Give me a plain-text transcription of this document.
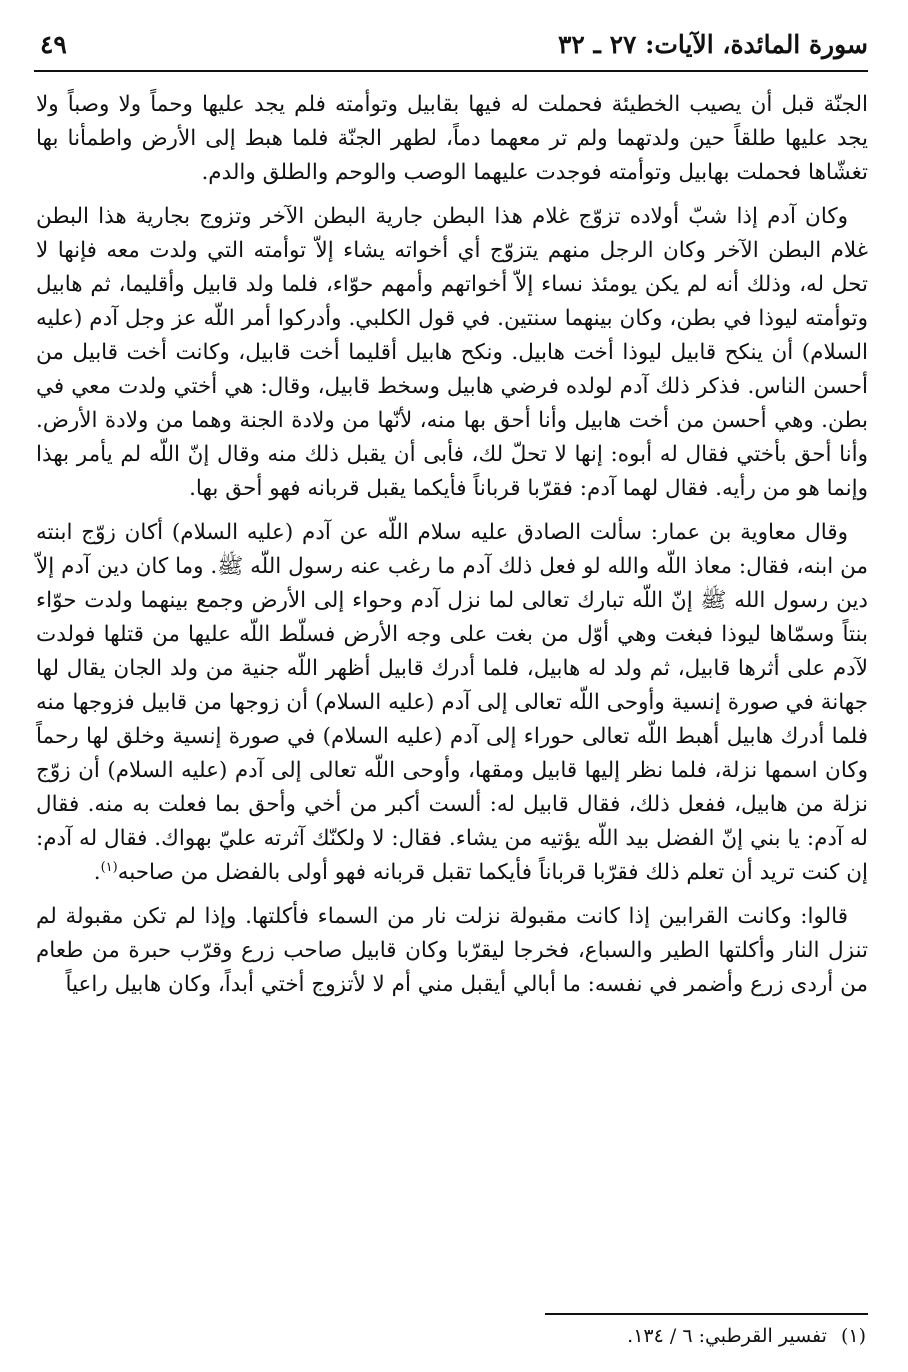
سورة المائدة، الآيات: ٢٧ ـ ٣٢
٤٩

الجنّة قبل أن يصيب الخطيئة فحملت له فيها بقابيل وتوأمته فلم يجد عليها وحماً ولا وصباً ولا يجد عليها طلقاً حين ولدتهما ولم تر معهما دماً، لطهر الجنّة فلما هبط إلى الأرض واطمأنا بها تغشّاها فحملت بهابيل وتوأمته فوجدت عليهما الوصب والوحم والطلق والدم.

وكان آدم إذا شبّ أولاده تزوّج غلام هذا البطن جارية البطن الآخر وتزوج بجارية هذا البطن غلام البطن الآخر وكان الرجل منهم يتزوّج أي أخواته يشاء إلاّ توأمته التي ولدت معه فإنها لا تحل له، وذلك أنه لم يكن يومئذ نساء إلاّ أخواتهم وأمهم حوّاء، فلما ولد قابيل وأقليما، ثم هابيل وتوأمته ليوذا في بطن، وكان بينهما سنتين. في قول الكلبي. وأدركوا أمر اللّه عز وجل آدم (عليه السلام) أن ينكح قابيل ليوذا أخت هابيل. ونكح هابيل أقليما أخت قابيل، وكانت أخت قابيل من أحسن الناس. فذكر ذلك آدم لولده فرضي هابيل وسخط قابيل، وقال: هي أختي ولدت معي في بطن. وهي أحسن من أخت هابيل وأنا أحق بها منه، لأنّها من ولادة الجنة وهما من ولادة الأرض. وأنا أحق بأختي فقال له أبوه: إنها لا تحلّ لك، فأبى أن يقبل ذلك منه وقال إنّ اللّه لم يأمر بهذا وإنما هو من رأيه. فقال لهما آدم: فقرّبا قرباناً فأيكما يقبل قربانه فهو أحق بها.

وقال معاوية بن عمار: سألت الصادق عليه سلام اللّه عن آدم (عليه السلام) أكان زوّج ابنته من ابنه، فقال: معاذ اللّه والله لو فعل ذلك آدم ما رغب عنه رسول اللّه ﷺ. وما كان دين آدم إلاّ دين رسول الله ﷺ إنّ اللّه تبارك تعالى لما نزل آدم وحواء إلى الأرض وجمع بينهما ولدت حوّاء بنتاً وسمّاها ليوذا فبغت وهي أوّل من بغت على وجه الأرض فسلّط اللّه عليها من قتلها فولدت لآدم على أثرها قابيل، ثم ولد له هابيل، فلما أدرك قابيل أظهر اللّه جنية من ولد الجان يقال لها جهانة في صورة إنسية وأوحى اللّه تعالى إلى آدم (عليه السلام) أن زوجها من قابيل فزوجها منه فلما أدرك هابيل أهبط اللّه تعالى حوراء إلى آدم (عليه السلام) في صورة إنسية وخلق لها رحماً وكان اسمها نزلة، فلما نظر إليها قابيل ومقها، وأوحى اللّه تعالى إلى آدم (عليه السلام) أن زوّج نزلة من هابيل، ففعل ذلك، فقال قابيل له: ألست أكبر من أخي وأحق بما فعلت به منه. فقال له آدم: يا بني إنّ الفضل بيد اللّه يؤتيه من يشاء. فقال: لا ولكنّك آثرته عليّ بهواك. فقال له آدم: إن كنت تريد أن تعلم ذلك فقرّبا قرباناً فأيكما تقبل قربانه فهو أولى بالفضل من صاحبه$^{(١)}$.

قالوا: وكانت القرابين إذا كانت مقبولة نزلت نار من السماء فأكلتها. وإذا لم تكن مقبولة لم تنزل النار وأكلتها الطير والسباع، فخرجا ليقرّبا وكان قابيل صاحب زرع وقرّب حبرة من طعام من أردى زرع وأضمر في نفسه: ما أبالي أيقبل مني أم لا لأتزوج أختي أبداً، وكان هابيل راعياً

(١)تفسير القرطبي: ٦ / ١٣٤.
